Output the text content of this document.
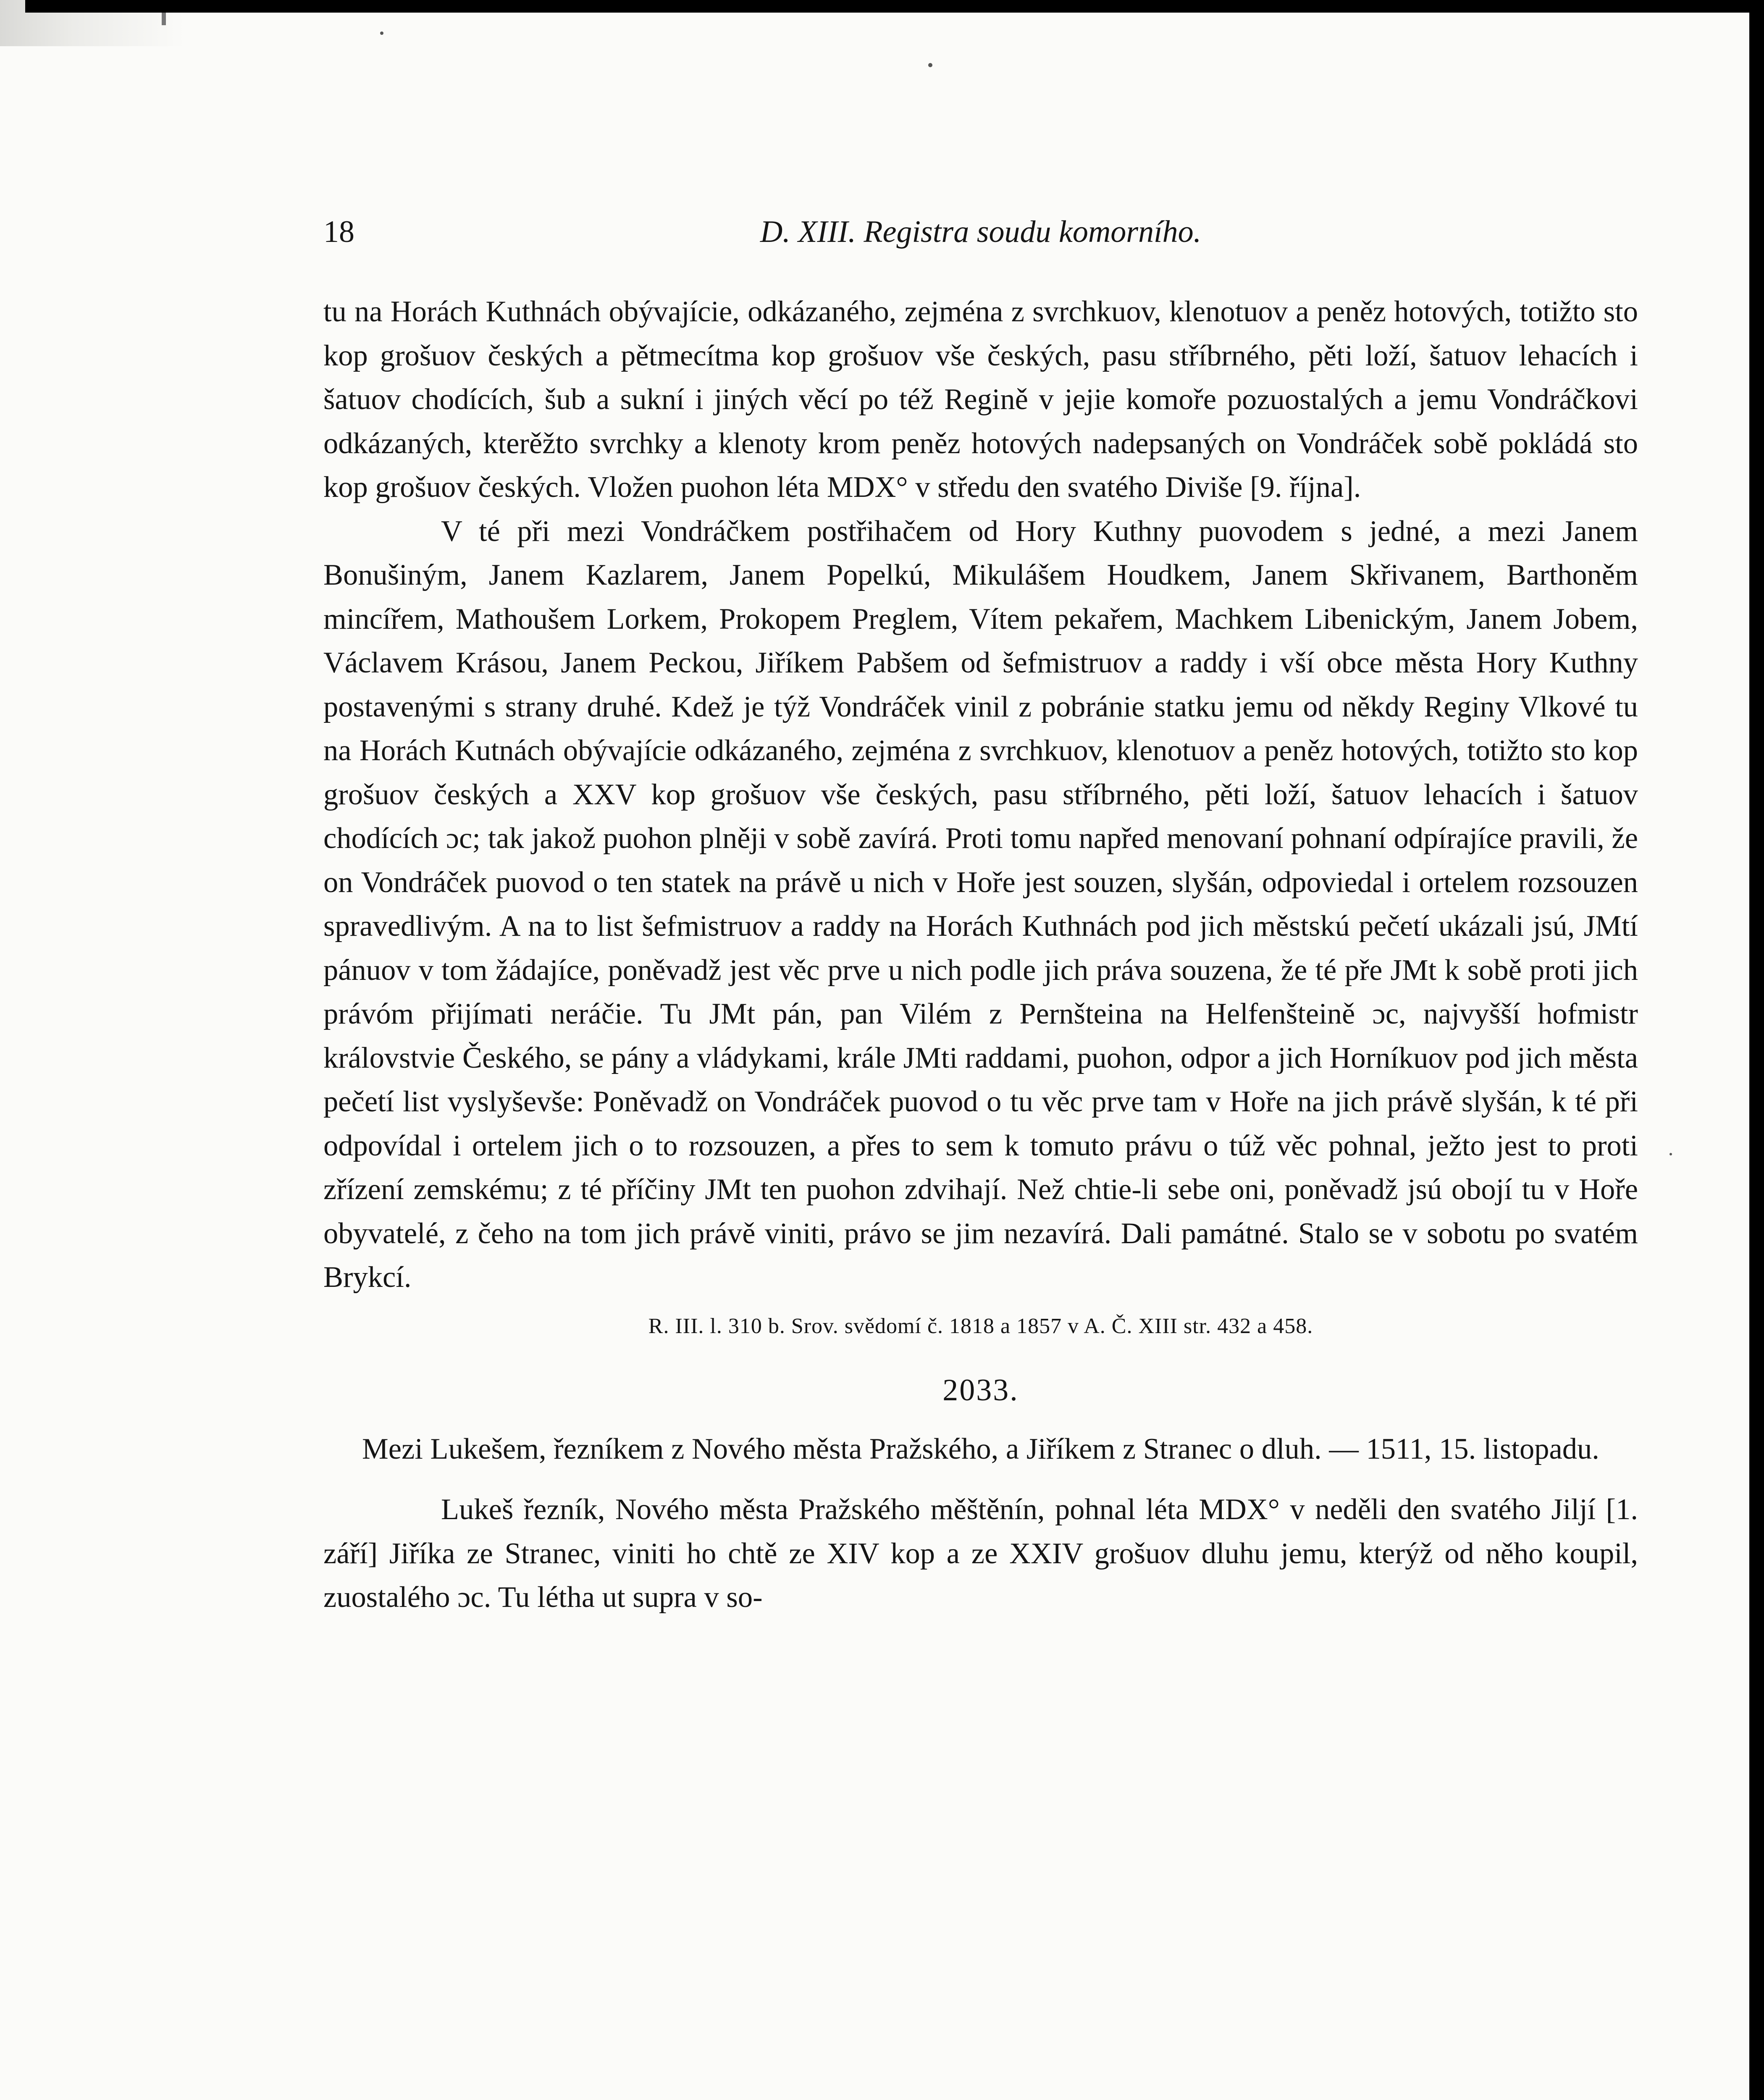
18	D. XIII. Registra soudu komorního.

tu na Horách Kuthnách obývajície, odkázaného, zejména z svrchkuov, klenotuov a peněz hotových, totižto sto kop grošuov českých a pětmecítma kop grošuov vše českých, pasu stříbrného, pěti loží, šatuov lehacích i šatuov chodících, šub a sukní i jiných věcí po též Regině v jejie komoře pozuostalých a jemu Vondráčkovi odkázaných, kterěžto svrchky a klenoty krom peněz hotových nadepsaných on Vondráček sobě pokládá sto kop grošuov českých. Vložen puohon léta MDX° v středu den svatého Diviše [9. října].

V té při mezi Vondráčkem postřihačem od Hory Kuthny puovodem s jedné, a mezi Janem Bonušiným, Janem Kazlarem, Janem Popelkú, Mikulášem Houdkem, Janem Skřivanem, Barthoněm mincířem, Mathoušem Lorkem, Prokopem Preglem, Vítem pekařem, Machkem Libenickým, Janem Jobem, Václavem Krásou, Janem Peckou, Jiříkem Pabšem od šefmistruov a raddy i vší obce města Hory Kuthny postavenými s strany druhé. Kdež je týž Vondráček vinil z pobránie statku jemu od někdy Reginy Vlkové tu na Horách Kutnách obývajície odkázaného, zejména z svrchkuov, klenotuov a peněz hotových, totižto sto kop grošuov českých a XXV kop grošuov vše českých, pasu stříbrného, pěti loží, šatuov lehacích i šatuov chodících ɔc; tak jakož puohon plněji v sobě zavírá. Proti tomu napřed menovaní pohnaní odpírajíce pravili, že on Vondráček puovod o ten statek na právě u nich v Hoře jest souzen, slyšán, odpoviedal i ortelem rozsouzen spravedlivým. A na to list šefmistruov a raddy na Horách Kuthnách pod jich městskú pečetí ukázali jsú, JMtí pánuov v tom žádajíce, poněvadž jest věc prve u nich podle jich práva souzena, že té pře JMt k sobě proti jich právóm přijímati neráčie. Tu JMt pán, pan Vilém z Pernšteina na Helfenšteině ɔc, najvyšší hofmistr královstvie Českého, se pány a vládykami, krále JMti raddami, puohon, odpor a jich Horníkuov pod jich města pečetí list vyslyševše: Poněvadž on Vondráček puovod o tu věc prve tam v Hoře na jich právě slyšán, k té při odpovídal i ortelem jich o to rozsouzen, a přes to sem k tomuto právu o túž věc pohnal, ježto jest to proti zřízení zemskému; z té příčiny JMt ten puohon zdvihají. Než chtie-li sebe oni, poněvadž jsú obojí tu v Hoře obyvatelé, z čeho na tom jich právě viniti, právo se jim nezavírá. Dali památné. Stalo se v sobotu po svatém Brykcí.

R. III. l. 310 b. Srov. svědomí č. 1818 a 1857 v A. Č. XIII str. 432 a 458.

2033.

Mezi Lukešem, řezníkem z Nového města Pražského, a Jiříkem z Stranec o dluh. — 1511, 15. listopadu.

Lukeš řezník, Nového města Pražského měštěnín, pohnal léta MDX° v neděli den svatého Jiljí [1. září] Jiříka ze Stranec, viniti ho chtě ze XIV kop a ze XXIV grošuov dluhu jemu, kterýž od něho koupil, zuostalého ɔc. Tu létha ut supra v so-
